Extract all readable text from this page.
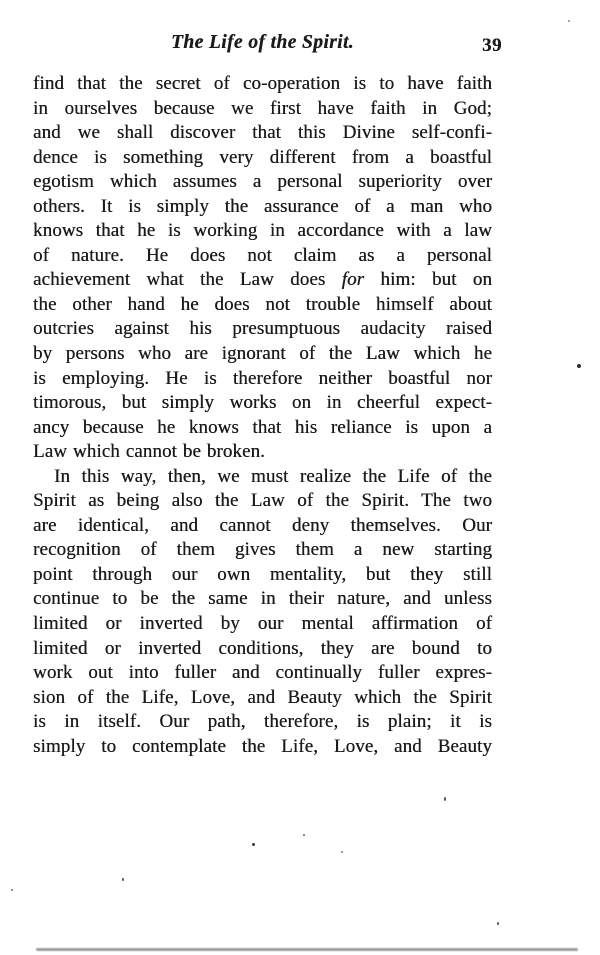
The Life of the Spirit.	39
find that the secret of co-operation is to have faith
in ourselves because we first have faith in God;
and we shall discover that this Divine self-confi-
dence is something very different from a boastful
egotism which assumes a personal superiority over
others. It is simply the assurance of a man who
knows that he is working in accordance with a law
of nature. He does not claim as a personal
achievement what the Law does for him: but on
the other hand he does not trouble himself about
outcries against his presumptuous audacity raised
by persons who are ignorant of the Law which he
is employing. He is therefore neither boastful nor
timorous, but simply works on in cheerful expect-
ancy because he knows that his reliance is upon a
Law which cannot be broken.
In this way, then, we must realize the Life of the
Spirit as being also the Law of the Spirit. The two
are identical, and cannot deny themselves. Our
recognition of them gives them a new starting
point through our own mentality, but they still
continue to be the same in their nature, and unless
limited or inverted by our mental affirmation of
limited or inverted conditions, they are bound to
work out into fuller and continually fuller expres-
sion of the Life, Love, and Beauty which the Spirit
is in itself. Our path, therefore, is plain; it is
simply to contemplate the Life, Love, and Beauty
